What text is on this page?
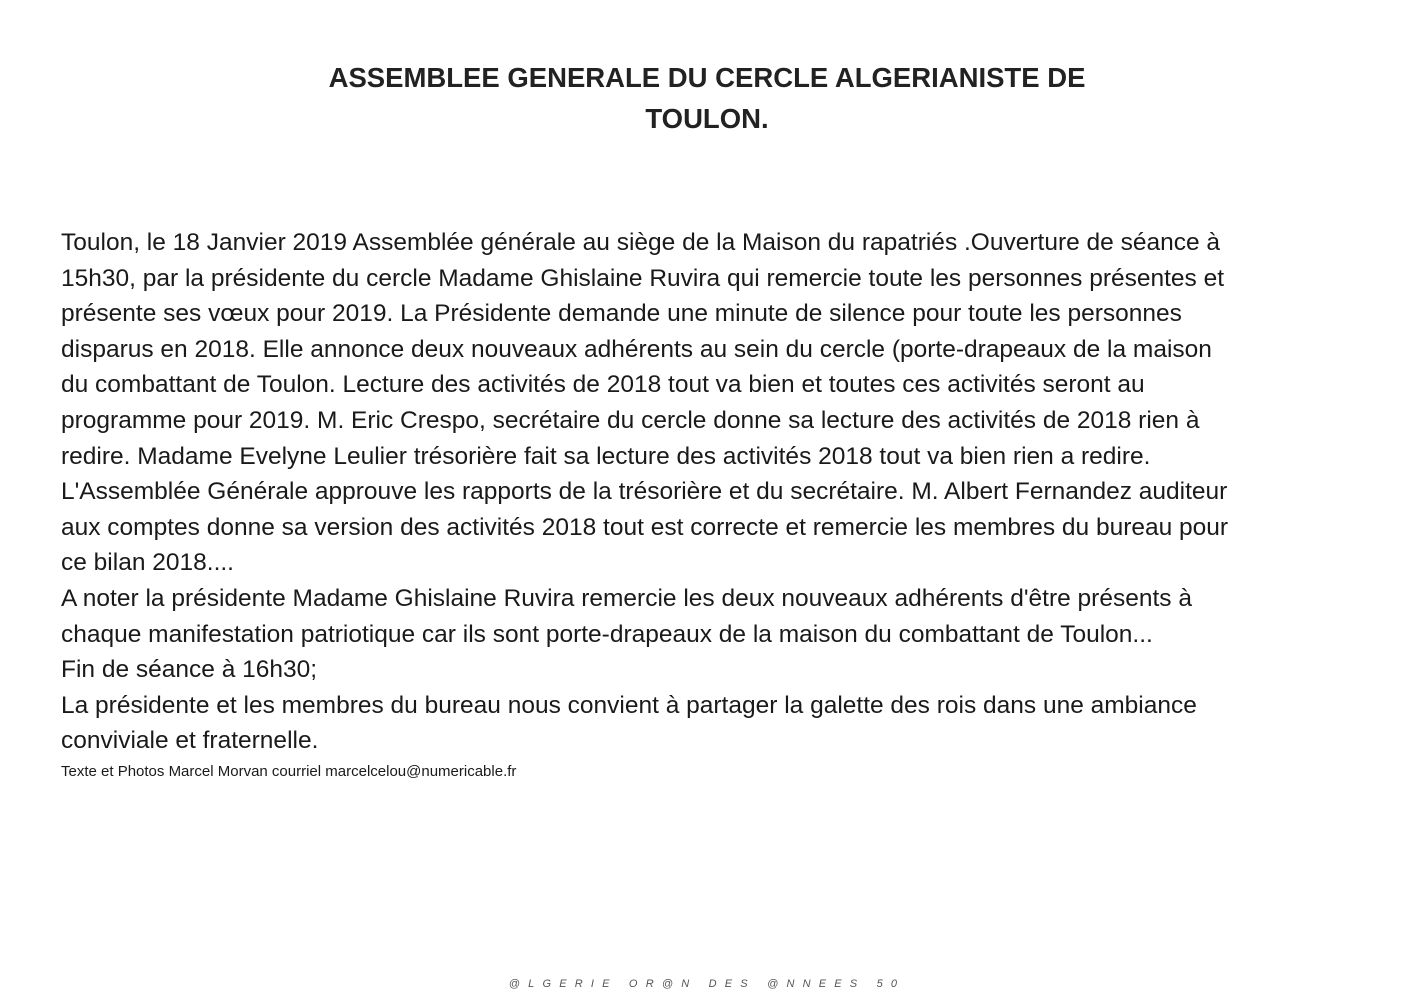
ASSEMBLEE GENERALE DU CERCLE ALGERIANISTE DE
TOULON.

Toulon, le 18 Janvier 2019 Assemblée générale au siège de la Maison du rapatriés .Ouverture de séance à

15h30, par la présidente du cercle Madame Ghislaine Ruvira qui remercie toute les personnes présentes et

présente ses vœux pour 2019. La Présidente demande une minute de silence pour toute les personnes

disparus en 2018. Elle annonce deux nouveaux adhérents au sein du cercle (porte-drapeaux de la maison

du combattant de Toulon. Lecture des activités de 2018 tout va bien et toutes ces activités seront au

programme pour 2019. M. Eric Crespo, secrétaire du cercle donne sa lecture des activités de 2018 rien à

redire. Madame Evelyne Leulier trésorière fait sa lecture des activités 2018 tout va bien rien a redire.

L'Assemblée Générale approuve les rapports de la trésorière et du secrétaire. M. Albert Fernandez auditeur

aux comptes donne sa version des activités 2018 tout est correcte et remercie les membres du bureau pour

ce bilan 2018....

A noter la présidente Madame Ghislaine Ruvira remercie les deux nouveaux adhérents d'être présents à

chaque manifestation patriotique car ils sont porte-drapeaux de la maison du combattant de Toulon...

Fin de séance à 16h30;

La présidente et les membres du bureau nous convient à partager la galette des rois dans une ambiance

conviviale et fraternelle.

Texte et Photos Marcel Morvan courriel marcelcelou@numericable.fr

@LGERIE OR@N DES @NNEES 50
